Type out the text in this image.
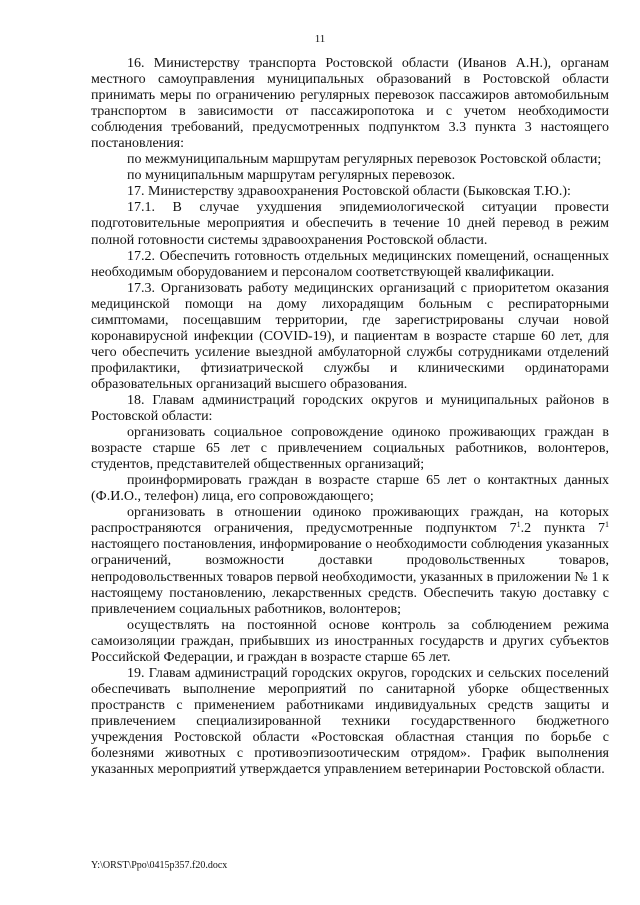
11

16. Министерству транспорта Ростовской области (Иванов А.Н.), органам местного самоуправления муниципальных образований в Ростовской области принимать меры по ограничению регулярных перевозок пассажиров автомобильным транспортом в зависимости от пассажиропотока и с учетом необходимости соблюдения требований, предусмотренных подпунктом 3.3 пункта 3 настоящего постановления:

по межмуниципальным маршрутам регулярных перевозок Ростовской области;

по муниципальным маршрутам регулярных перевозок.

17. Министерству здравоохранения Ростовской области (Быковская Т.Ю.):

17.1. В случае ухудшения эпидемиологической ситуации провести подготовительные мероприятия и обеспечить в течение 10 дней перевод в режим полной готовности системы здравоохранения Ростовской области.

17.2. Обеспечить готовность отдельных медицинских помещений, оснащенных необходимым оборудованием и персоналом соответствующей квалификации.

17.3. Организовать работу медицинских организаций с приоритетом оказания медицинской помощи на дому лихорадящим больным с респираторными симптомами, посещавшим территории, где зарегистрированы случаи новой коронавирусной инфекции (COVID-19), и пациентам в возрасте старше 60 лет, для чего обеспечить усиление выездной амбулаторной службы сотрудниками отделений профилактики, фтизиатрической службы и клиническими ординаторами образовательных организаций высшего образования.

18. Главам администраций городских округов и муниципальных районов в Ростовской области:

организовать социальное сопровождение одиноко проживающих граждан в возрасте старше 65 лет с привлечением социальных работников, волонтеров, студентов, представителей общественных организаций;

проинформировать граждан в возрасте старше 65 лет о контактных данных (Ф.И.О., телефон) лица, его сопровождающего;

организовать в отношении одиноко проживающих граждан, на которых распространяются ограничения, предусмотренные подпунктом $7^1.2$ пункта $7^1$ настоящего постановления, информирование о необходимости соблюдения указанных ограничений, возможности доставки продовольственных товаров, непродовольственных товаров первой необходимости, указанных в приложении № 1 к настоящему постановлению, лекарственных средств. Обеспечить такую доставку с привлечением социальных работников, волонтеров;

осуществлять на постоянной основе контроль за соблюдением режима самоизоляции граждан, прибывших из иностранных государств и других субъектов Российской Федерации, и граждан в возрасте старше 65 лет.

19. Главам администраций городских округов, городских и сельских поселений обеспечивать выполнение мероприятий по санитарной уборке общественных пространств с применением работниками индивидуальных средств защиты и привлечением специализированной техники государственного бюджетного учреждения Ростовской области «Ростовская областная станция по борьбе с болезнями животных с противоэпизоотическим отрядом». График выполнения указанных мероприятий утверждается управлением ветеринарии Ростовской области.

Y:\ORST\Ppo\0415p357.f20.docx
